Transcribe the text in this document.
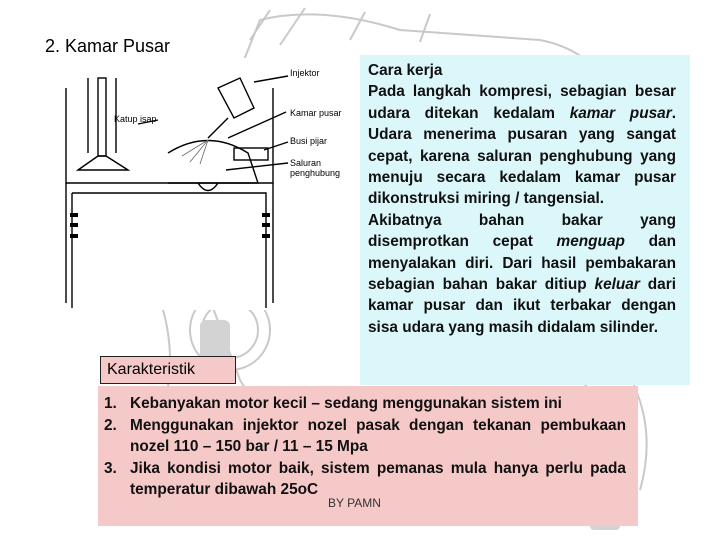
2. Kamar Pusar
Injektor
Katup isap
Kamar pusar
Busi pijar
Saluran
penghubung

Cara kerja

Pada langkah kompresi, sebagian besar udara ditekan kedalam kamar pusar. Udara menerima pusaran yang sangat cepat, karena saluran penghubung yang menuju secara kedalam kamar pusar dikonstruksi miring / tangensial.

Akibatnya bahan bakar yang disemprotkan cepat menguap dan menyalakan diri. Dari hasil pembakaran sebagian bahan bakar ditiup keluar dari kamar pusar dan ikut terbakar dengan sisa udara yang masih didalam silinder.

Karakteristik
1. Kebanyakan motor kecil – sedang menggunakan sistem ini
2. Menggunakan injektor nozel pasak dengan tekanan pembukaan nozel 110 – 150 bar / 11 – 15 Mpa
3. Jika kondisi motor baik, sistem pemanas mula hanya perlu pada temperatur dibawah 25oC
BY PAMN
